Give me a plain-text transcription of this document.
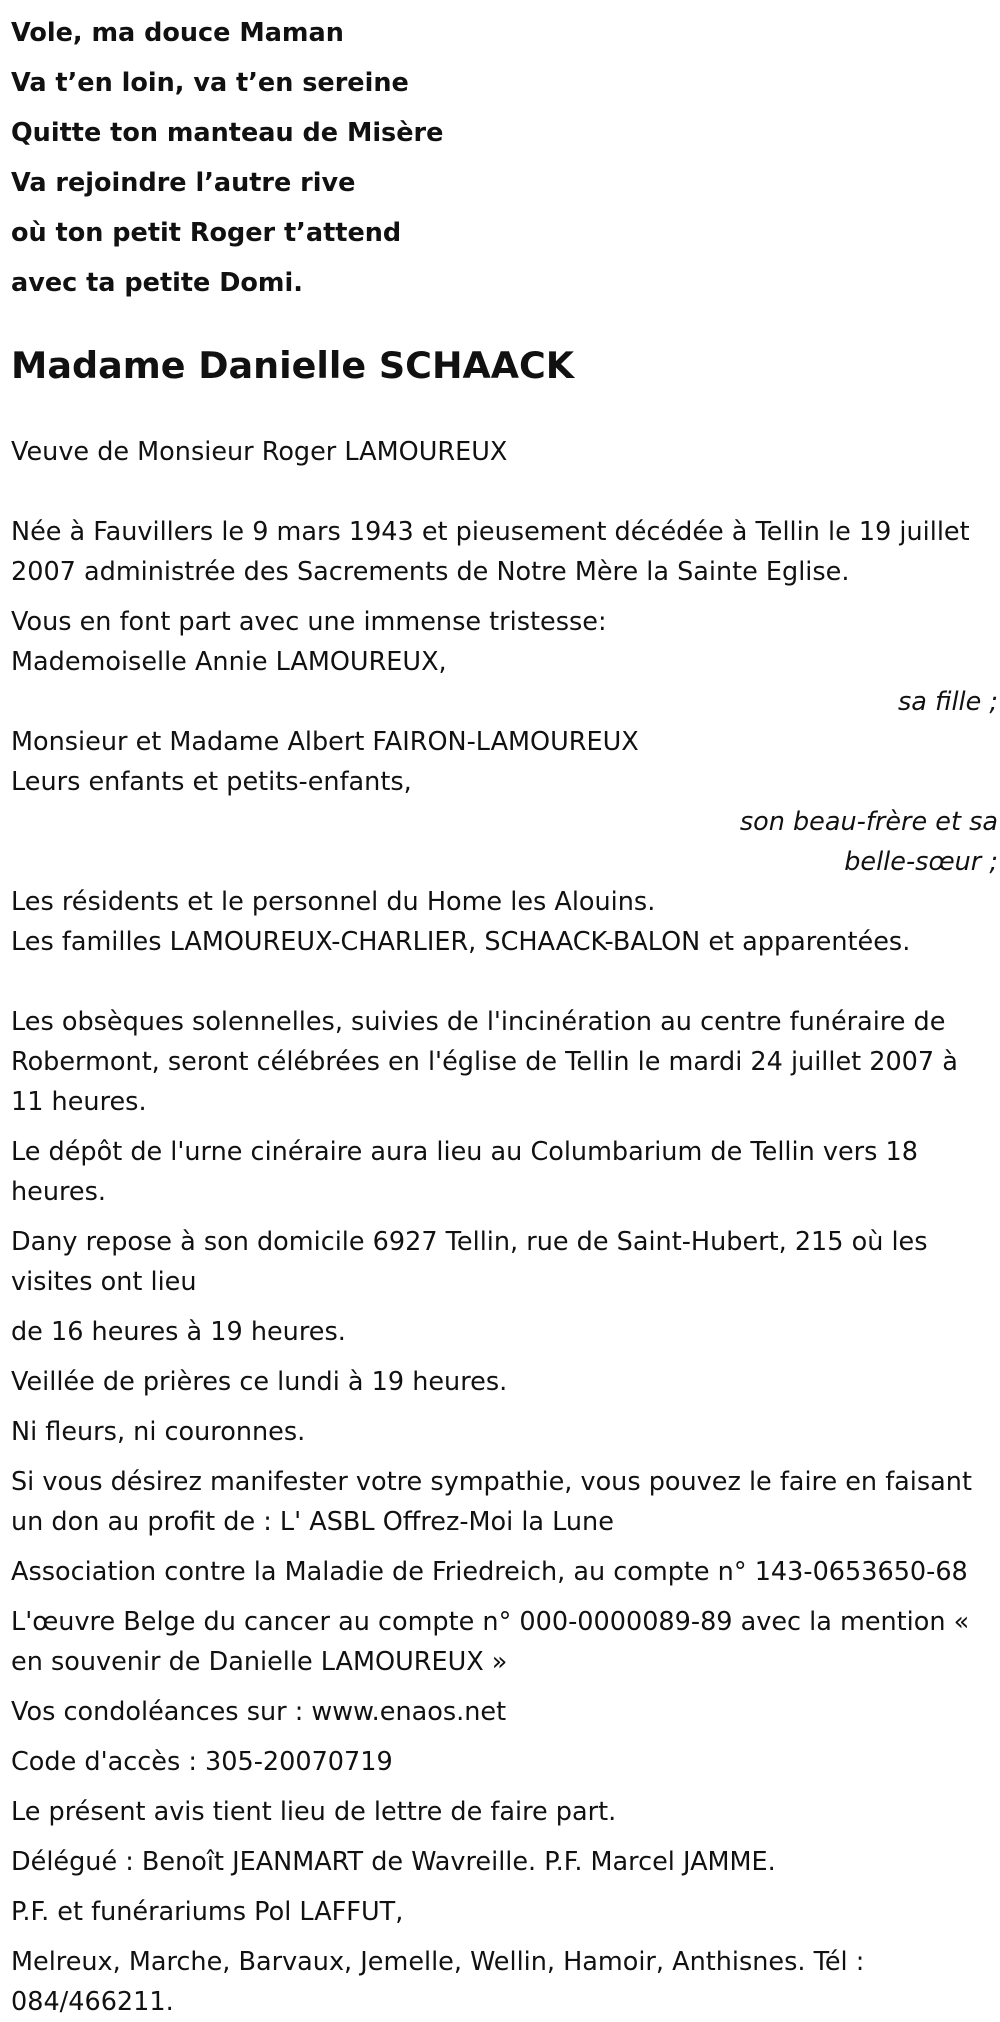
Vole, ma douce Maman

Va t’en loin, va t’en sereine

Quitte ton manteau de Misère

Va rejoindre l’autre rive

où ton petit Roger t’attend

avec ta petite Domi.

Madame Danielle SCHAACK

Veuve de Monsieur Roger LAMOUREUX

Née à Fauvillers le 9 mars 1943 et pieusement décédée à Tellin le 19 juillet 2007 administrée des Sacrements de Notre Mère la Sainte Eglise.

Vous en font part avec une immense tristesse:

Mademoiselle Annie LAMOUREUX,

sa fille ;

Monsieur et Madame Albert FAIRON-LAMOUREUX

Leurs enfants et petits-enfants,

son beau-frère et sa

belle-sœur ;

Les résidents et le personnel du Home les Alouins.

Les familles LAMOUREUX-CHARLIER, SCHAACK-BALON et apparentées.

Les obsèques solennelles, suivies de l'incinération au centre funéraire de Robermont, seront célébrées en l'église de Tellin le mardi 24 juillet 2007 à 11 heures.

Le dépôt de l'urne cinéraire aura lieu au Columbarium de Tellin vers 18 heures.

Dany repose à son domicile 6927 Tellin, rue de Saint-Hubert, 215 où les visites ont lieu

de 16 heures à 19 heures.

Veillée de prières ce lundi à 19 heures.

Ni fleurs, ni couronnes.

Si vous désirez manifester votre sympathie, vous pouvez le faire en faisant un don au profit de : L' ASBL Offrez-Moi la Lune

Association contre la Maladie de Friedreich, au compte n° 143-0653650-68

L'œuvre Belge du cancer au compte n° 000-0000089-89 avec la mention « en souvenir de Danielle LAMOUREUX »

Vos condoléances sur : www.enaos.net

Code d'accès : 305-20070719

Le présent avis tient lieu de lettre de faire part.

Délégué : Benoît JEANMART de Wavreille. P.F. Marcel JAMME.

P.F. et funérariums Pol LAFFUT,

Melreux, Marche, Barvaux, Jemelle, Wellin, Hamoir, Anthisnes. Tél : 084/466211.
